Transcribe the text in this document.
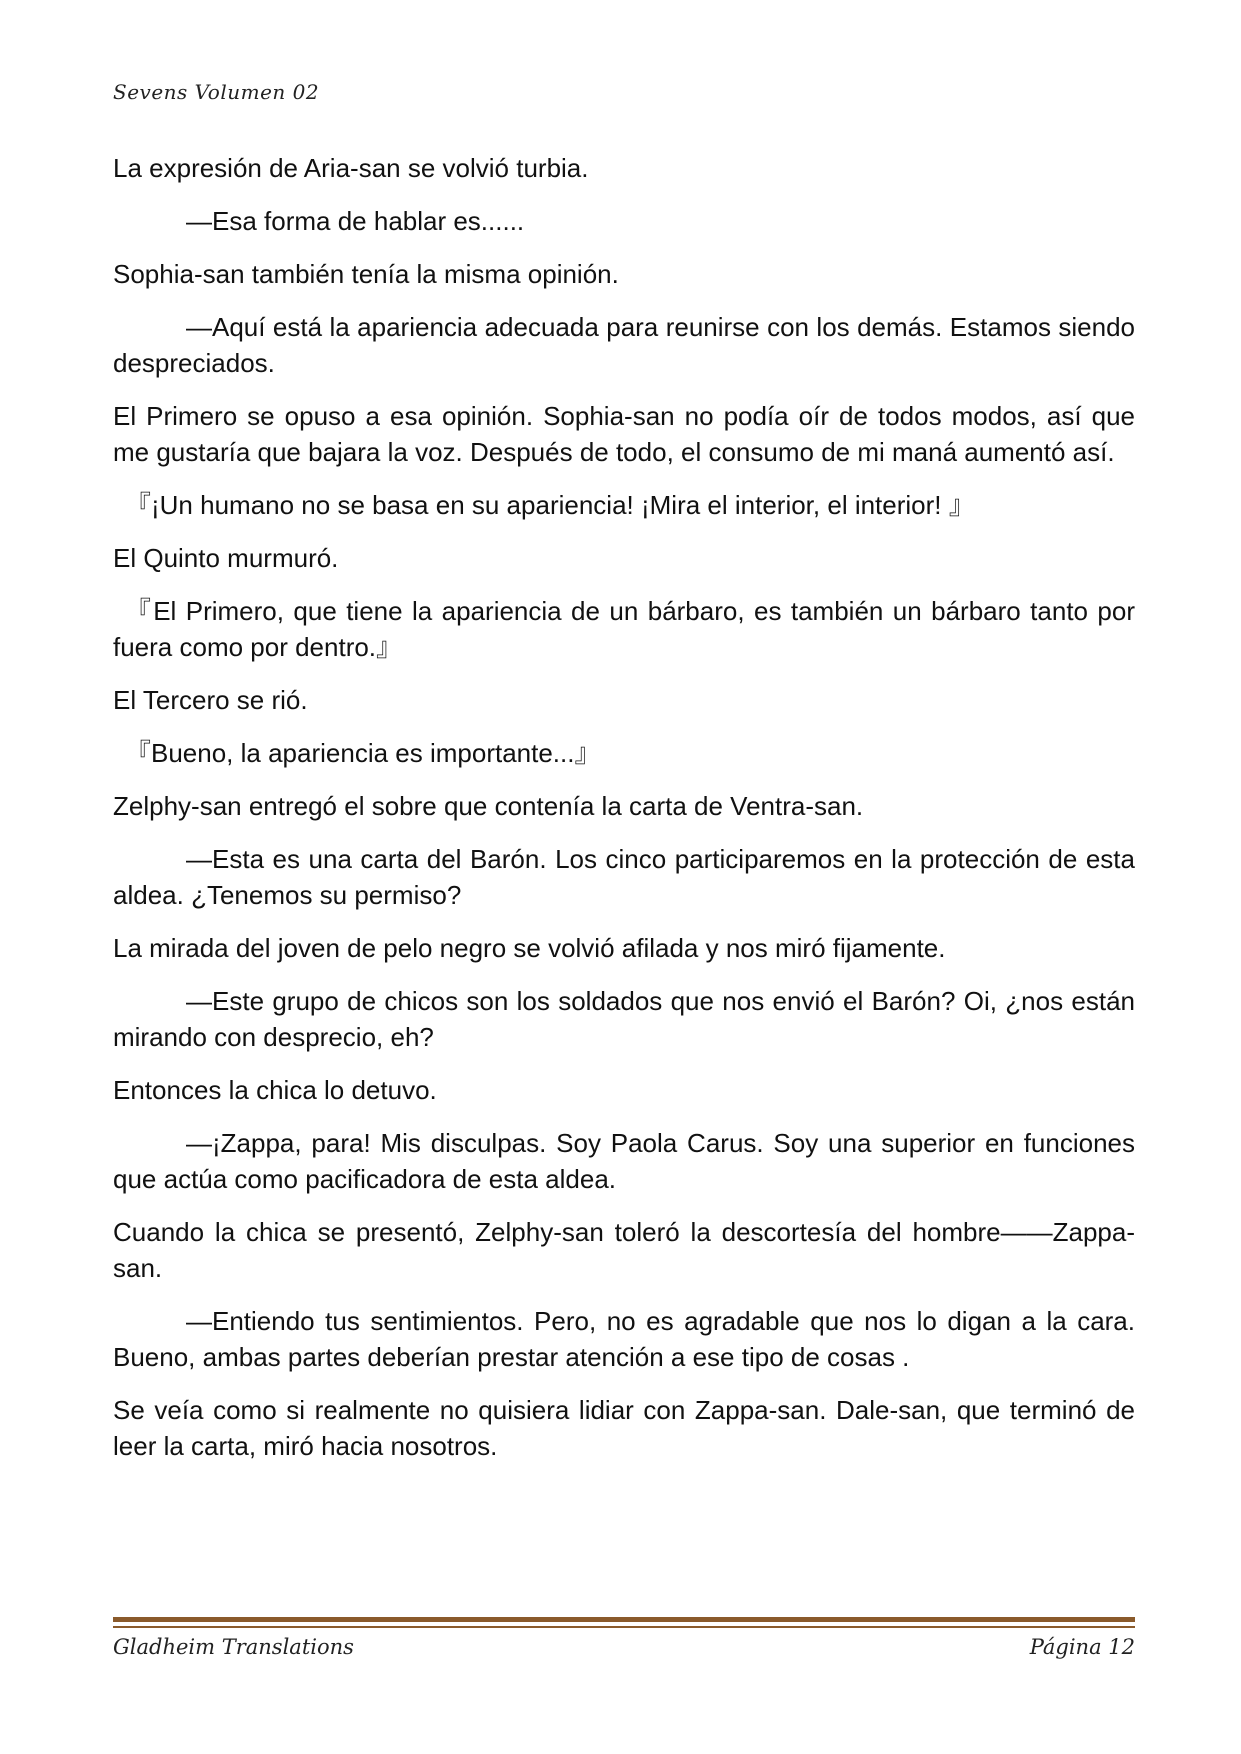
Sevens Volumen 02

La expresión de Aria-san se volvió turbia.

—Esa forma de hablar es......

Sophia-san también tenía la misma opinión.

—Aquí está la apariencia adecuada para reunirse con los demás. Estamos siendo despreciados.

El Primero se opuso a esa opinión. Sophia-san no podía oír de todos modos, así que me gustaría que bajara la voz. Después de todo, el consumo de mi maná aumentó así.

『¡Un humano no se basa en su apariencia! ¡Mira el interior, el interior! 』

El Quinto murmuró.

『El Primero, que tiene la apariencia de un bárbaro, es también un bárbaro tanto por fuera como por dentro.』

El Tercero se rió.

『Bueno, la apariencia es importante...』

Zelphy-san entregó el sobre que contenía la carta de Ventra-san.

—Esta es una carta del Barón. Los cinco participaremos en la protección de esta aldea. ¿Tenemos su permiso?

La mirada del joven de pelo negro se volvió afilada y nos miró fijamente.

—Este grupo de chicos son los soldados que nos envió el Barón? Oi, ¿nos están mirando con desprecio, eh?

Entonces la chica lo detuvo.

—¡Zappa, para! Mis disculpas. Soy Paola Carus. Soy una superior en funciones que actúa como pacificadora de esta aldea.

Cuando la chica se presentó, Zelphy-san toleró la descortesía del hombre——Zappa-san.

—Entiendo tus sentimientos. Pero, no es agradable que nos lo digan a la cara. Bueno, ambas partes deberían prestar atención a ese tipo de cosas .

Se veía como si realmente no quisiera lidiar con Zappa-san. Dale-san, que terminó de leer la carta, miró hacia nosotros.

Gladheim Translations	Página 12
